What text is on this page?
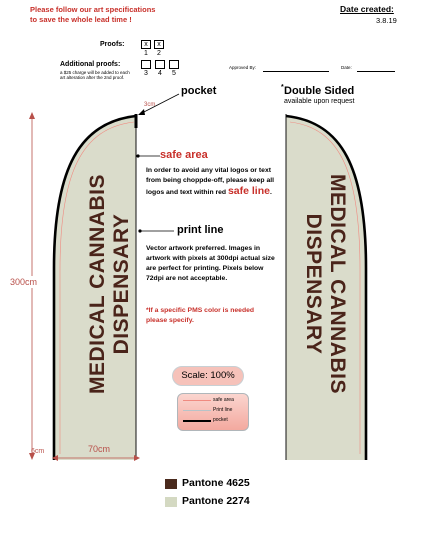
Please follow our art specifications
to save the whole lead time !
Date created:
3.8.19
Proofs:	x	x
1	2
Additional proofs:
a $25 charge will be added to each art alteration after the 2nd proof.
3	4	5
Approved By:	Date:
pocket
3cm
* Double Sided
available upon request
MEDICAL CANNABIS DISPENSARY	MEDICAL CANNABIS
DISPENSARY
safe area
In order to avoid any vital logos or text from being choppde-off, please keep all logos and text within red safe line.
print line
Vector artwork preferred. Images in artwork with pixels at 300dpi actual size are perfect for printing. Pixels below 72dpi are not acceptable.
*If a specific PMS color is needed please specify.
Scale: 100%
safe area
Print line
pocket
300cm
70cm
6cm
Pantone 4625
Pantone 2274
